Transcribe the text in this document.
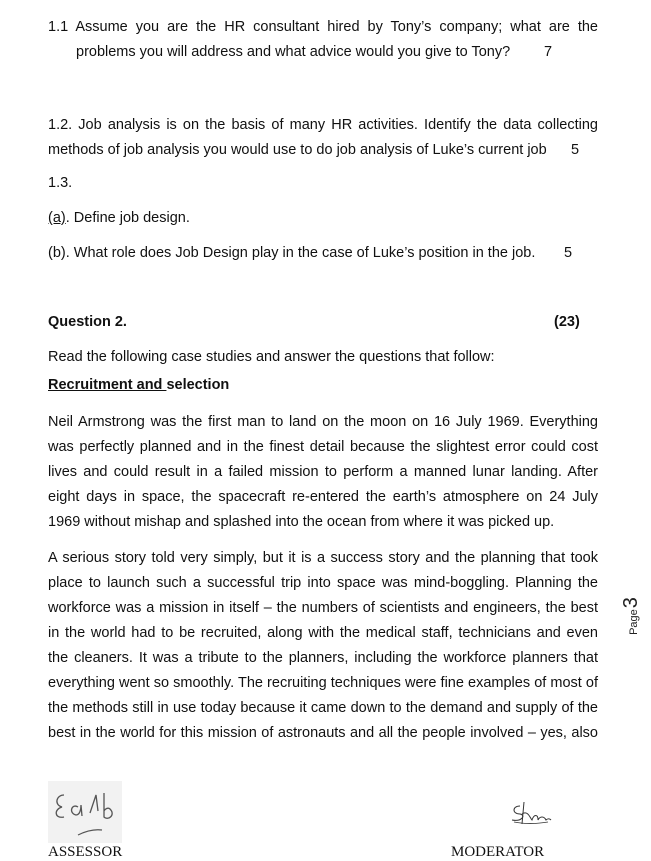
1.1 Assume you are the HR consultant hired by Tony’s company; what are the
problems you will address and what advice would you give to Tony? 7
1.2. Job analysis is on the basis of many HR activities. Identify the data collecting
methods of job analysis you would use to do job analysis of Luke’s current job 5
1.3.
(a). Define job design.
(b). What role does Job Design play in the case of Luke’s position in the job. 5
Question 2.	(23)
Read the following case studies and answer the questions that follow:
Recruitment and selection
Neil Armstrong was the first man to land on the moon on 16 July 1969. Everything was perfectly planned and in the finest detail because the slightest error could cost lives and could result in a failed mission to perform a manned lunar landing. After eight days in space, the spacecraft re-entered the earth’s atmosphere on 24 July 1969 without mishap and splashed into the ocean from where it was picked up.
A serious story told very simply, but it is a success story and the planning that took place to launch such a successful trip into space was mind-boggling. Planning the workforce was a mission in itself – the numbers of scientists and engineers, the best in the world had to be recruited, along with the medical staff, technicians and even the cleaners. It was a tribute to the planners, including the workforce planners that everything went so smoothly. The recruiting techniques were fine examples of most of the methods still in use today because it came down to the demand and supply of the best in the world for this mission of astronauts and all the people involved – yes, also
Page
3
ASSESSOR	MODERATOR
